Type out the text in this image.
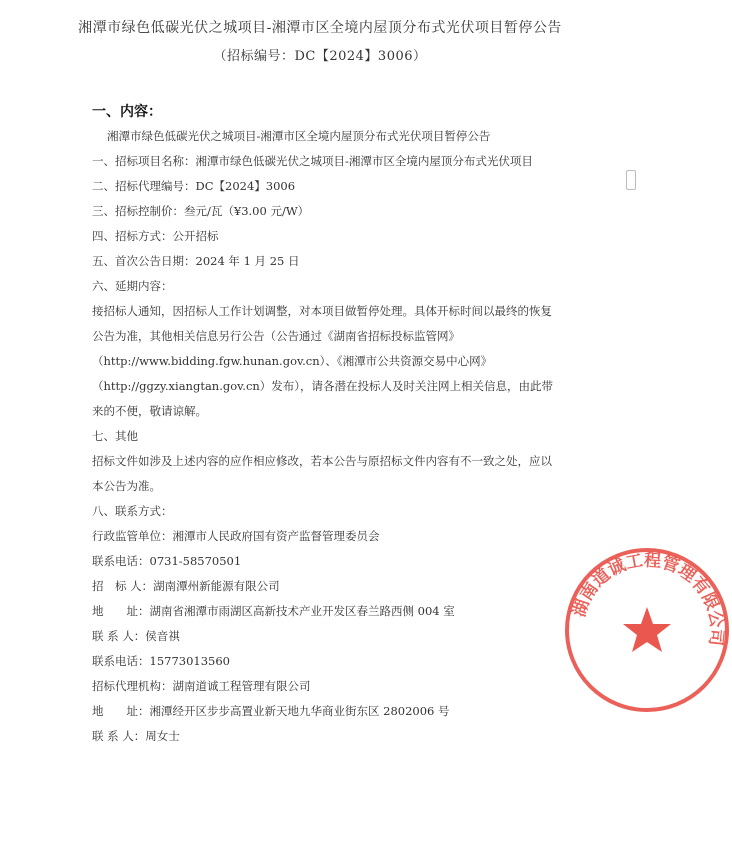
湘潭市绿色低碳光伏之城项目-湘潭市区全境内屋顶分布式光伏项目暂停公告
（招标编号：DC【2024】3006）
一、内容：
湘潭市绿色低碳光伏之城项目-湘潭市区全境内屋顶分布式光伏项目暂停公告
一、招标项目名称：湘潭市绿色低碳光伏之城项目-湘潭市区全境内屋顶分布式光伏项目
二、招标代理编号：DC【2024】3006
三、招标控制价：叁元/瓦（¥3.00 元/W）
四、招标方式：公开招标
五、首次公告日期：2024 年 1 月 25 日
六、延期内容：
接招标人通知，因招标人工作计划调整，对本项目做暂停处理。具体开标时间以最终的恢复
公告为准，其他相关信息另行公告（公告通过《湖南省招标投标监管网》
（http://www.bidding.fgw.hunan.gov.cn）、《湘潭市公共资源交易中心网》
（http://ggzy.xiangtan.gov.cn）发布），请各潜在投标人及时关注网上相关信息，由此带
来的不便，敬请谅解。
七、其他
招标文件如涉及上述内容的应作相应修改，若本公告与原招标文件内容有不一致之处，应以
本公告为准。
八、联系方式：
行政监管单位：湘潭市人民政府国有资产监督管理委员会
联系电话：0731-58570501
招　标 人：湖南潭州新能源有限公司
地　　址：湖南省湘潭市雨湖区高新技术产业开发区春兰路西侧 004 室
联 系 人：侯音祺
联系电话：15773013560
招标代理机构：湖南道诚工程管理有限公司
地　　址：湘潭经开区步步高置业新天地九华商业街东区 2802006 号
联 系 人：周女士
湖南道诚工程管理有限公司
